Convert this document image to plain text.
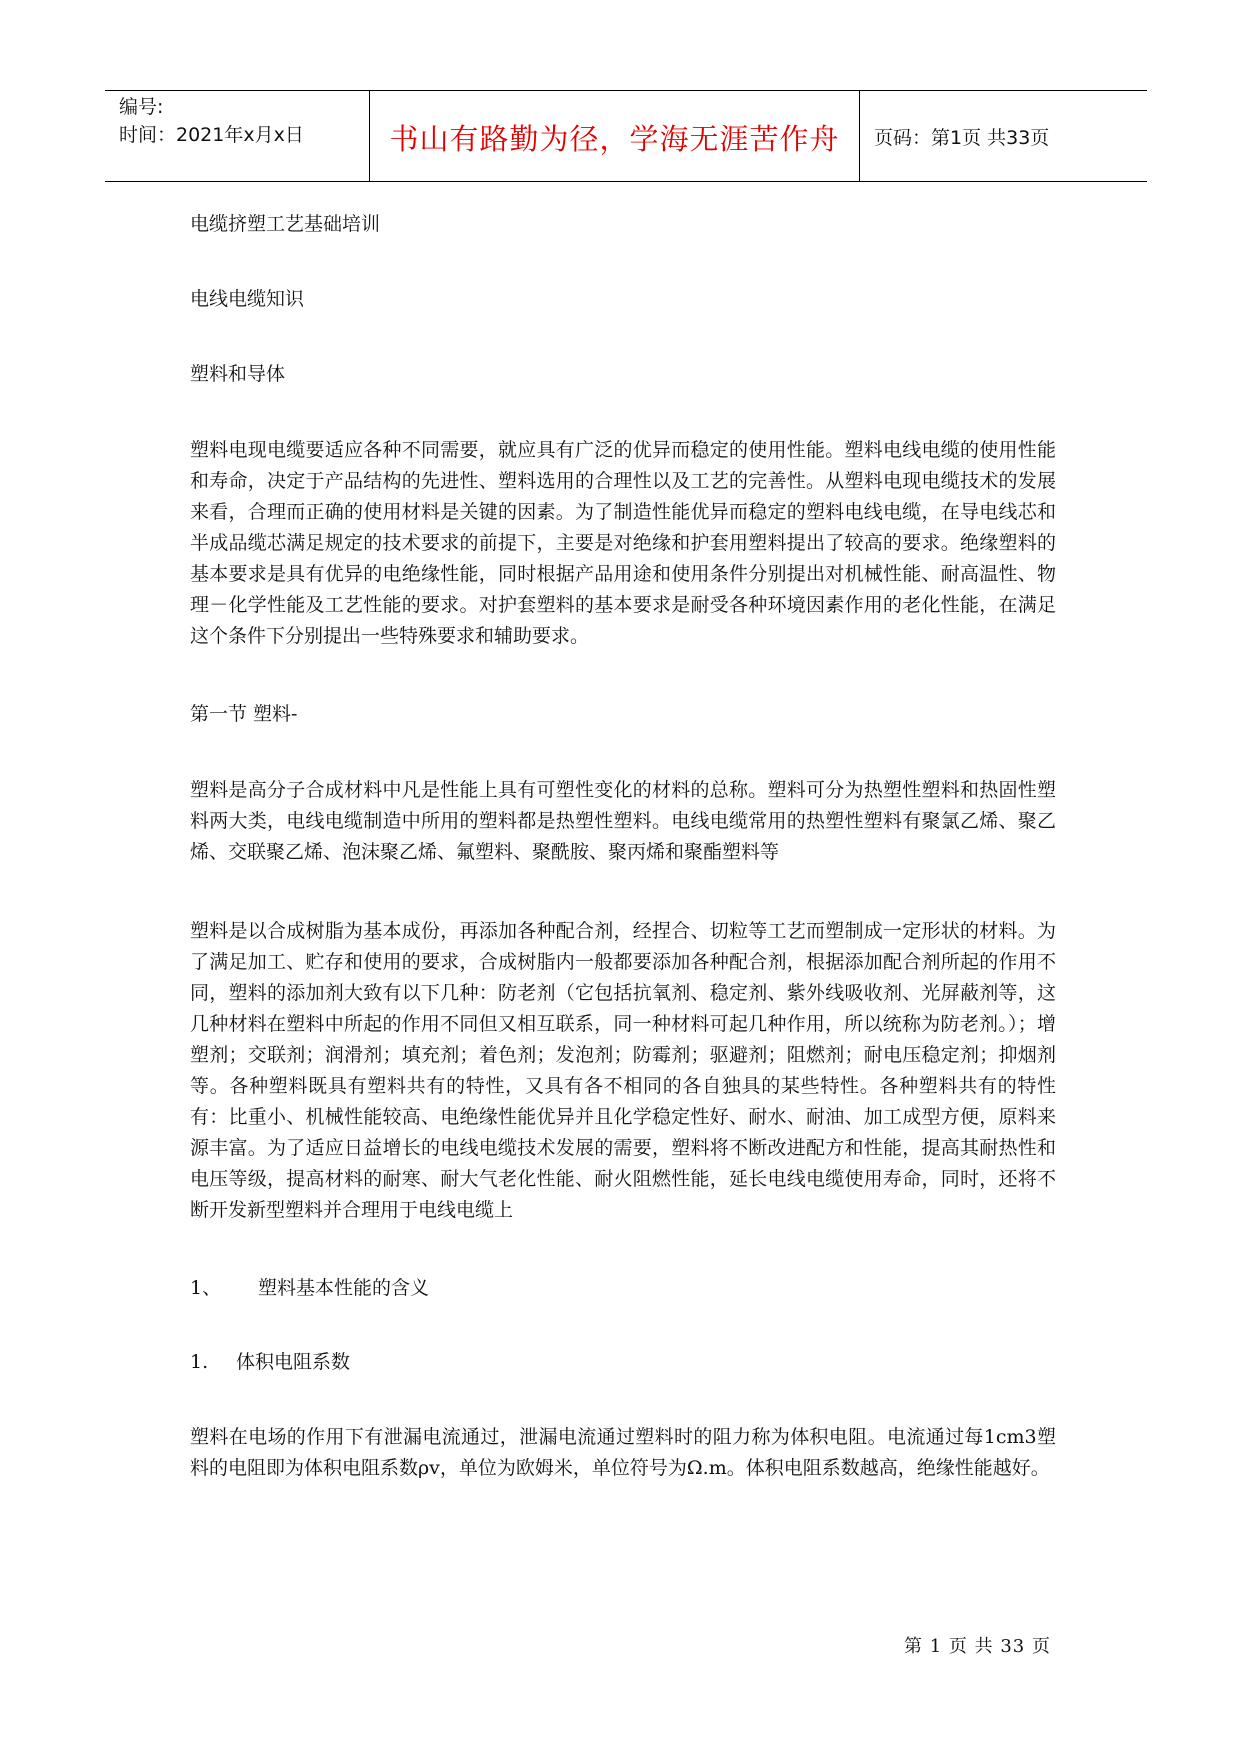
编号:
时间：2021年x月x日	书山有路勤为径，学海无涯苦作舟 页码：第1页 共33页

电缆挤塑工艺基础培训

电线电缆知识

塑料和导体

塑料电现电缆要适应各种不同需要，就应具有广泛的优异而稳定的使用性能。塑料电线电缆的使用性能和寿命，决定于产品结构的先进性、塑料选用的合理性以及工艺的完善性。从塑料电现电缆技术的发展来看，合理而正确的使用材料是关键的因素。为了制造性能优异而稳定的塑料电线电缆，在导电线芯和半成品缆芯满足规定的技术要求的前提下，主要是对绝缘和护套用塑料提出了较高的要求。绝缘塑料的基本要求是具有优异的电绝缘性能，同时根据产品用途和使用条件分别提出对机械性能、耐高温性、物理－化学性能及工艺性能的要求。对护套塑料的基本要求是耐受各种环境因素作用的老化性能，在满足这个条件下分别提出一些特殊要求和辅助要求。

第一节 塑料-

塑料是高分子合成材料中凡是性能上具有可塑性变化的材料的总称。塑料可分为热塑性塑料和热固性塑料两大类，电线电缆制造中所用的塑料都是热塑性塑料。电线电缆常用的热塑性塑料有聚氯乙烯、聚乙烯、交联聚乙烯、泡沫聚乙烯、氟塑料、聚酰胺、聚丙烯和聚酯塑料等

塑料是以合成树脂为基本成份，再添加各种配合剂，经捏合、切粒等工艺而塑制成一定形状的材料。为了满足加工、贮存和使用的要求，合成树脂内一般都要添加各种配合剂，根据添加配合剂所起的作用不同，塑料的添加剂大致有以下几种：防老剂（它包括抗氧剂、稳定剂、紫外线吸收剂、光屏蔽剂等，这几种材料在塑料中所起的作用不同但又相互联系，同一种材料可起几种作用，所以统称为防老剂。）；增塑剂；交联剂；润滑剂；填充剂；着色剂；发泡剂；防霉剂；驱避剂；阻燃剂；耐电压稳定剂；抑烟剂等。各种塑料既具有塑料共有的特性，又具有各不相同的各自独具的某些特性。各种塑料共有的特性有：比重小、机械性能较高、电绝缘性能优异并且化学稳定性好、耐水、耐油、加工成型方便，原料来源丰富。为了适应日益增长的电线电缆技术发展的需要，塑料将不断改进配方和性能，提高其耐热性和电压等级，提高材料的耐寒、耐大气老化性能、耐火阻燃性能，延长电线电缆使用寿命，同时，还将不断开发新型塑料并合理用于电线电缆上

1、	塑料基本性能的含义
1.	体积电阻系数

塑料在电场的作用下有泄漏电流通过，泄漏电流通过塑料时的阻力称为体积电阻。电流通过每1cm3塑料的电阻即为体积电阻系数ρv，单位为欧姆米，单位符号为Ω.m。体积电阻系数越高，绝缘性能越好。

第 1 页 共 33 页
